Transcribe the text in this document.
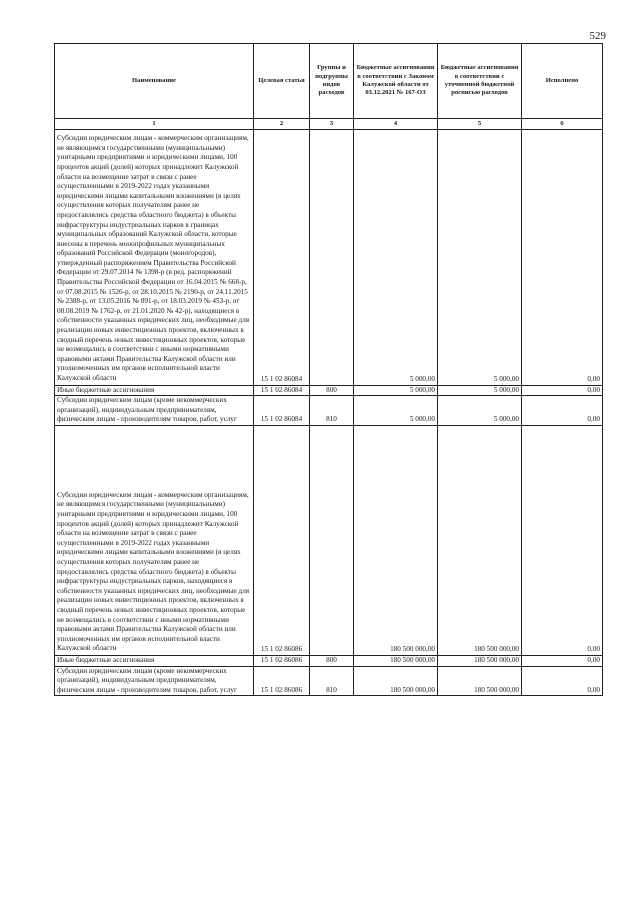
529
Наименование	Целевая статья	Группы и подгруппы видов расходов	Бюджетные ассигнования в соответствии с Законом Калужской области от 03.12.2021 № 167-ОЗ	Бюджетные ассигнования в соответствии с уточненной бюджетной росписью расходов	Исполнено
1	2	3	4	5	6

Субсидии юридическим лицам - коммерческим организациям, не являющимся государственными (муниципальными) унитарными предприятиями и юридическими лицами, 100 процентов акций (долей) которых принадлежит Калужской области на возмещение затрат в связи с ранее осуществленными в 2019-2022 годах указанными юридическими лицами капитальными вложениями (в целях осуществления которых получателям ранее не предоставлялись средства областного бюджета) в объекты инфраструктуры индустриальных парков в границах муниципальных образований Калужской области, которые внесены в перечень монопрофильных муниципальных образований Российской Федерации (моногородов), утвержденный распоряжением Правительства Российской Федерации от 29.07.2014 № 1398-р (в ред. распоряжений Правительства Российской Федерации от 16.04.2015 № 668-р, от 07.08.2015 № 1526-р, от 28.10.2015 № 2190-р, от 24.11.2015 № 2388-р, от 13.05.2016 № 891-р, от 18.03.2019 № 453-р, от 08.08.2019 № 1762-р, от 21.01.2020 № 42-р), находящиеся в собственности указанных юридических лиц, необходимые для реализации новых инвестиционных проектов, включенных в сводный перечень новых инвестиционных проектов, которые не возмещались в соответствии с иными нормативными правовыми актами Правительства Калужской области или уполномоченных им органов исполнительной власти Калужской области	15 1 02 86084		5 000,00	5 000,00	0,00
Иные бюджетные ассигнования	15 1 02 86084	800	5 000,00	5 000,00	0,00
Субсидии юридическим лицам (кроме некоммерческих организаций), индивидуальным предпринимателям, физическим лицам - производителям товаров, работ, услуг	15 1 02 86084	810	5 000,00	5 000,00	0,00

Субсидии юридическим лицам - коммерческим организациям, не являющимся государственными (муниципальными) унитарными предприятиями и юридическими лицами, 100 процентов акций (долей) которых принадлежит Калужской области на возмещение затрат в связи с ранее осуществленными в 2019-2022 годах указанными юридическими лицами капитальными вложениями (в целях осуществления которых получателям ранее не предоставлялись средства областного бюджета) в объекты инфраструктуры индустриальных парков, находящиеся в собственности указанных юридических лиц, необходимые для реализации новых инвестиционных проектов, включенных в сводный перечень новых инвестиционных проектов, которые не возмещались в соответствии с иными нормативными правовыми актами Правительства Калужской области или уполномоченных им органов исполнительной власти Калужской области	15 1 02 86086		180 500 000,00	180 500 000,00	0,00
Иные бюджетные ассигнования	15 1 02 86086	800	180 500 000,00	180 500 000,00	0,00
Субсидии юридическим лицам (кроме некоммерческих организаций), индивидуальным предпринимателям, физическим лицам - производителям товаров, работ, услуг	15 1 02 86086	810	180 500 000,00	180 500 000,00	0,00
